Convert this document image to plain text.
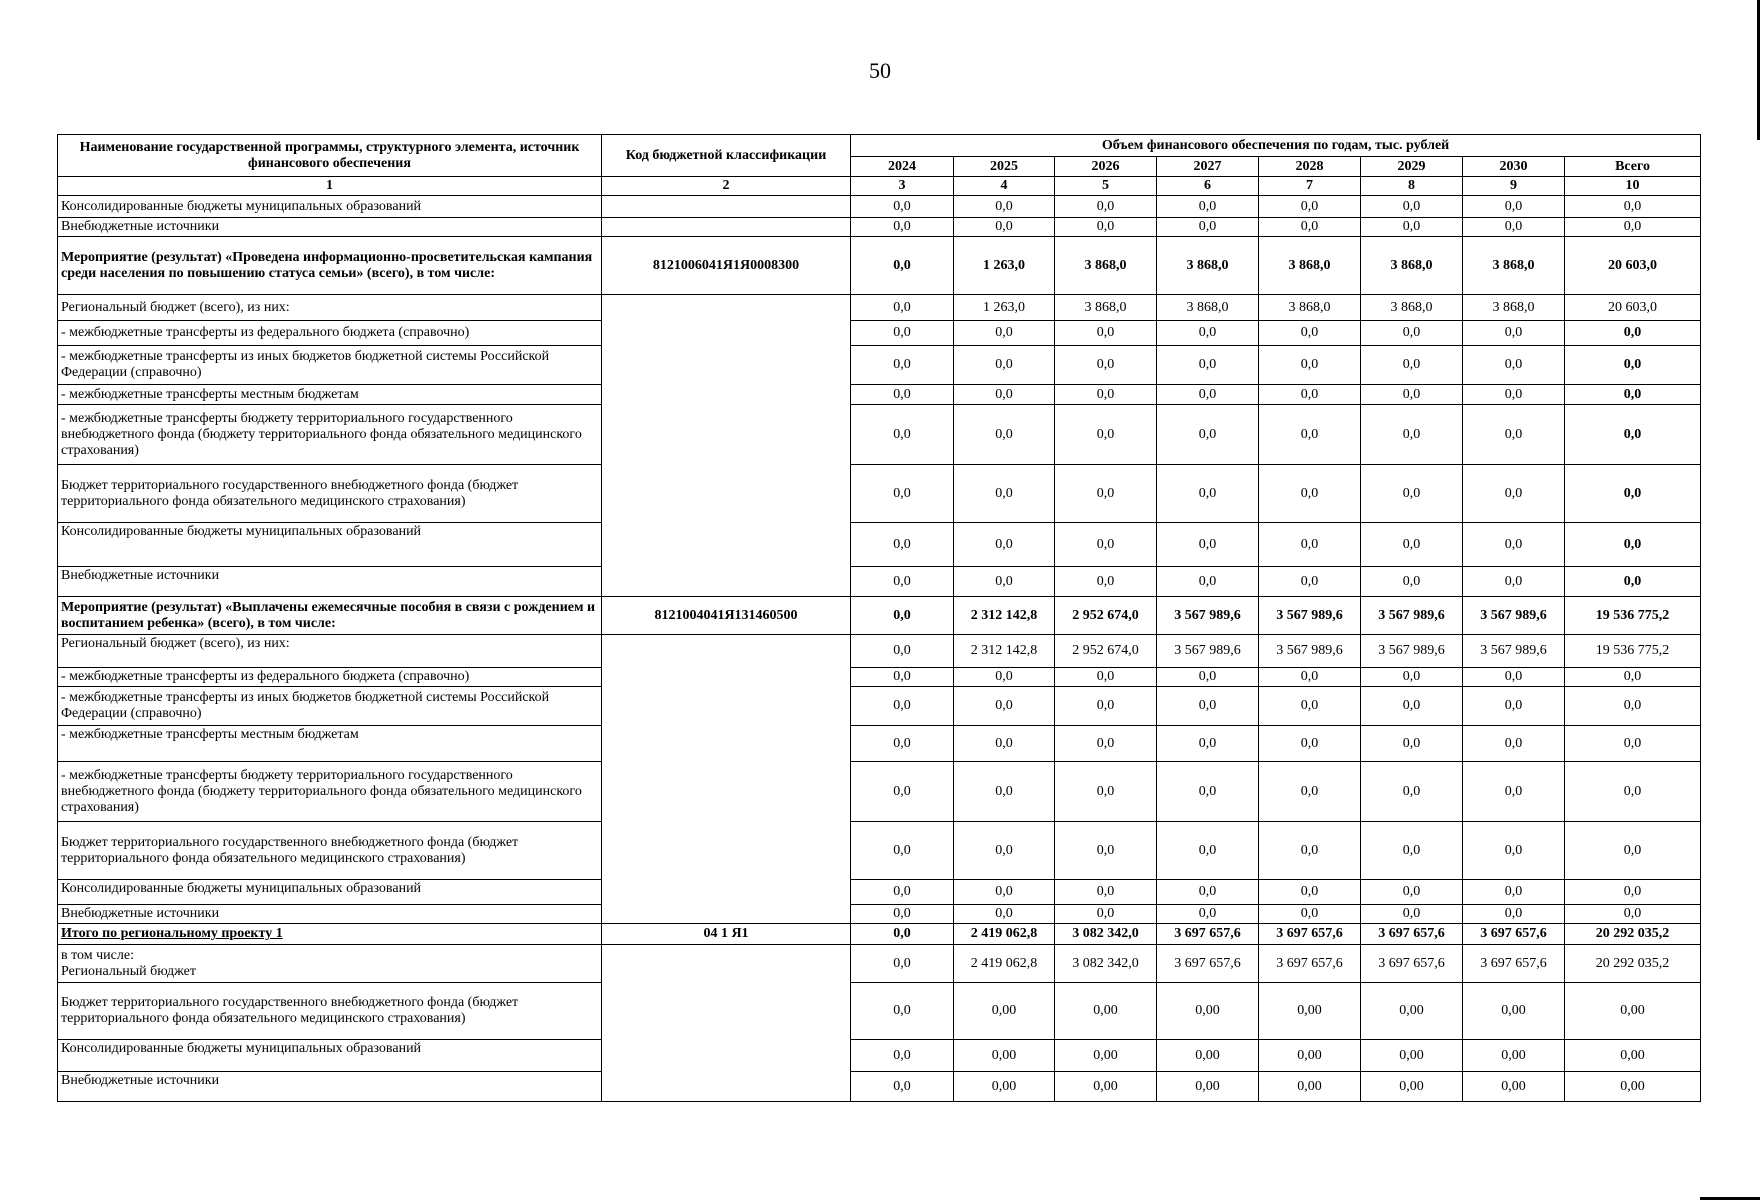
50
Наименование государственной программы, структурного элемента, источник финансового обеспечения	Код бюджетной классификации	Объем финансового обеспечения по годам, тыс. рублей							
		2024	2025	2026	2027	2028	2029	2030	Всего
1	2	3	4	5	6	7	8	9	10
Консолидированные бюджеты муниципальных образований		0,0	0,0	0,0	0,0	0,0	0,0	0,0	0,0
Внебюджетные источники		0,0	0,0	0,0	0,0	0,0	0,0	0,0	0,0
Мероприятие (результат) «Проведена информационно-просветительская кампания среди населения по повышению статуса семьи» (всего), в том числе:	8121006041Я1Я0008300	0,0	1 263,0	3 868,0	3 868,0	3 868,0	3 868,0	3 868,0	20 603,0
Региональный бюджет (всего), из них:		0,0	1 263,0	3 868,0	3 868,0	3 868,0	3 868,0	3 868,0	20 603,0
- межбюджетные трансферты из федерального бюджета (справочно)		0,0	0,0	0,0	0,0	0,0	0,0	0,0	0,0
- межбюджетные трансферты из иных бюджетов бюджетной системы Российской Федерации (справочно)		0,0	0,0	0,0	0,0	0,0	0,0	0,0	0,0
- межбюджетные трансферты местным бюджетам		0,0	0,0	0,0	0,0	0,0	0,0	0,0	0,0
- межбюджетные трансферты бюджету территориального государственного внебюджетного фонда (бюджету территориального фонда обязательного медицинского страхования)		0,0	0,0	0,0	0,0	0,0	0,0	0,0	0,0
Бюджет территориального государственного внебюджетного фонда (бюджет территориального фонда обязательного медицинского страхования)		0,0	0,0	0,0	0,0	0,0	0,0	0,0	0,0
Консолидированные бюджеты муниципальных образований		0,0	0,0	0,0	0,0	0,0	0,0	0,0	0,0
Внебюджетные источники		0,0	0,0	0,0	0,0	0,0	0,0	0,0	0,0
Мероприятие (результат) «Выплачены ежемесячные пособия в связи с рождением и воспитанием ребенка» (всего), в том числе:	8121004041Я131460500	0,0	2 312 142,8	2 952 674,0	3 567 989,6	3 567 989,6	3 567 989,6	3 567 989,6	19 536 775,2
Региональный бюджет (всего), из них:		0,0	2 312 142,8	2 952 674,0	3 567 989,6	3 567 989,6	3 567 989,6	3 567 989,6	19 536 775,2
- межбюджетные трансферты из федерального бюджета (справочно)		0,0	0,0	0,0	0,0	0,0	0,0	0,0	0,0
- межбюджетные трансферты из иных бюджетов бюджетной системы Российской Федерации (справочно)		0,0	0,0	0,0	0,0	0,0	0,0	0,0	0,0
- межбюджетные трансферты местным бюджетам		0,0	0,0	0,0	0,0	0,0	0,0	0,0	0,0
- межбюджетные трансферты бюджету территориального государственного внебюджетного фонда (бюджету территориального фонда обязательного медицинского страхования)		0,0	0,0	0,0	0,0	0,0	0,0	0,0	0,0
Бюджет территориального государственного внебюджетного фонда (бюджет территориального фонда обязательного медицинского страхования)		0,0	0,0	0,0	0,0	0,0	0,0	0,0	0,0
Консолидированные бюджеты муниципальных образований		0,0	0,0	0,0	0,0	0,0	0,0	0,0	0,0
Внебюджетные источники		0,0	0,0	0,0	0,0	0,0	0,0	0,0	0,0
Итого по региональному проекту 1	04 1 Я1	0,0	2 419 062,8	3 082 342,0	3 697 657,6	3 697 657,6	3 697 657,6	3 697 657,6	20 292 035,2

в том числе:
Региональный бюджет		0,0	2 419 062,8	3 082 342,0	3 697 657,6	3 697 657,6	3 697 657,6	3 697 657,6	20 292 035,2
Бюджет территориального государственного внебюджетного фонда (бюджет территориального фонда обязательного медицинского страхования)		0,0	0,00	0,00	0,00	0,00	0,00	0,00	0,00
Консолидированные бюджеты муниципальных образований		0,0	0,00	0,00	0,00	0,00	0,00	0,00	0,00
Внебюджетные источники		0,0	0,00	0,00	0,00	0,00	0,00	0,00	0,00
